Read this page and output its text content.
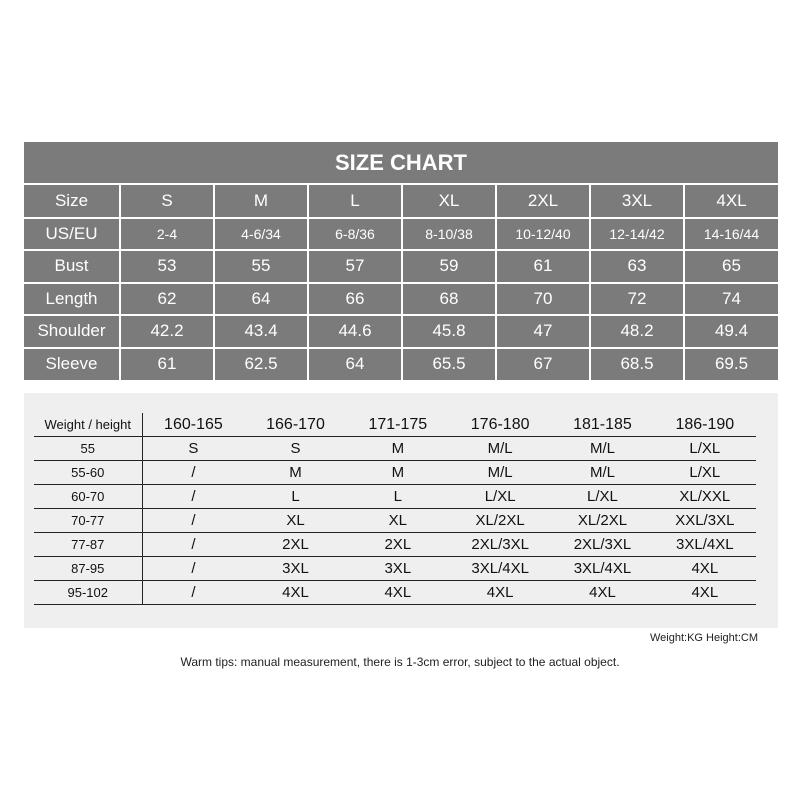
SIZE CHART
Size	S	M	L	XL	2XL	3XL	4XL
US/EU	2-4	4-6/34	6-8/36	8-10/38	10-12/40	12-14/42	14-16/44
Bust	53	55	57	59	61	63	65
Length	62	64	66	68	70	72	74
Shoulder	42.2	43.4	44.6	45.8	47	48.2	49.4
Sleeve	61	62.5	64	65.5	67	68.5	69.5
Weight / height	160-165	166-170	171-175	176-180	181-185	186-190
55	S	S	M	M/L	M/L	L/XL
55-60	/	M	M	M/L	M/L	L/XL
60-70	/	L	L	L/XL	L/XL	XL/XXL
70-77	/	XL	XL	XL/2XL	XL/2XL	XXL/3XL
77-87	/	2XL	2XL	2XL/3XL	2XL/3XL	3XL/4XL
87-95	/	3XL	3XL	3XL/4XL	3XL/4XL	4XL
95-102	/	4XL	4XL	4XL	4XL	4XL
Weight:KG Height:CM
Warm tips: manual measurement, there is 1-3cm error, subject to the actual object.
